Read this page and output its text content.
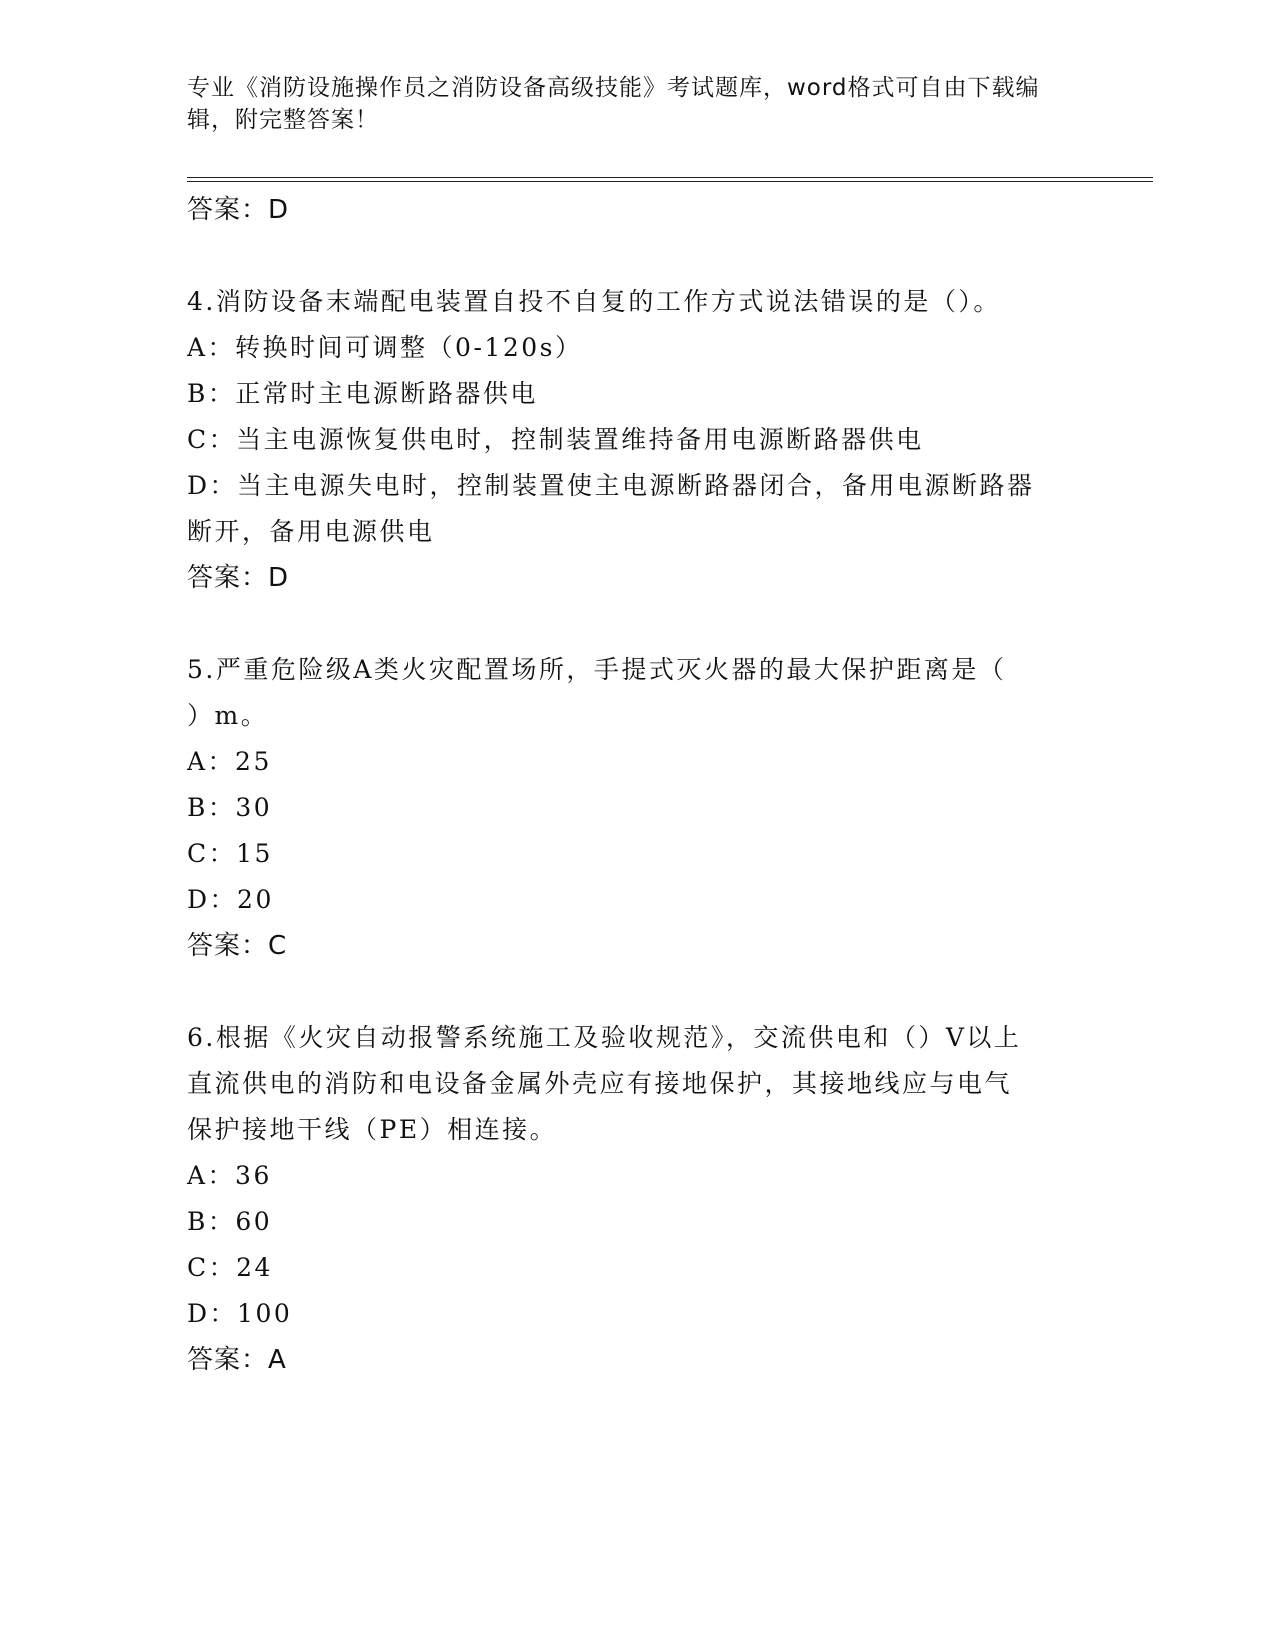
专业《消防设施操作员之消防设备高级技能》考试题库，word格式可自由下载编
辑，附完整答案！
答案：D
4.消防设备末端配电装置自投不自复的工作方式说法错误的是（）。
A：转换时间可调整（0-120s）
B：正常时主电源断路器供电
C：当主电源恢复供电时，控制装置维持备用电源断路器供电
D：当主电源失电时，控制装置使主电源断路器闭合，备用电源断路器
断开，备用电源供电
答案：D
5.严重危险级A类火灾配置场所，手提式灭火器的最大保护距离是（
）m。
A：25
B：30
C：15
D：20
答案：C
6.根据《火灾自动报警系统施工及验收规范》，交流供电和（）V以上
直流供电的消防和电设备金属外壳应有接地保护，其接地线应与电气
保护接地干线（PE）相连接。
A：36
B：60
C：24
D：100
答案：A
